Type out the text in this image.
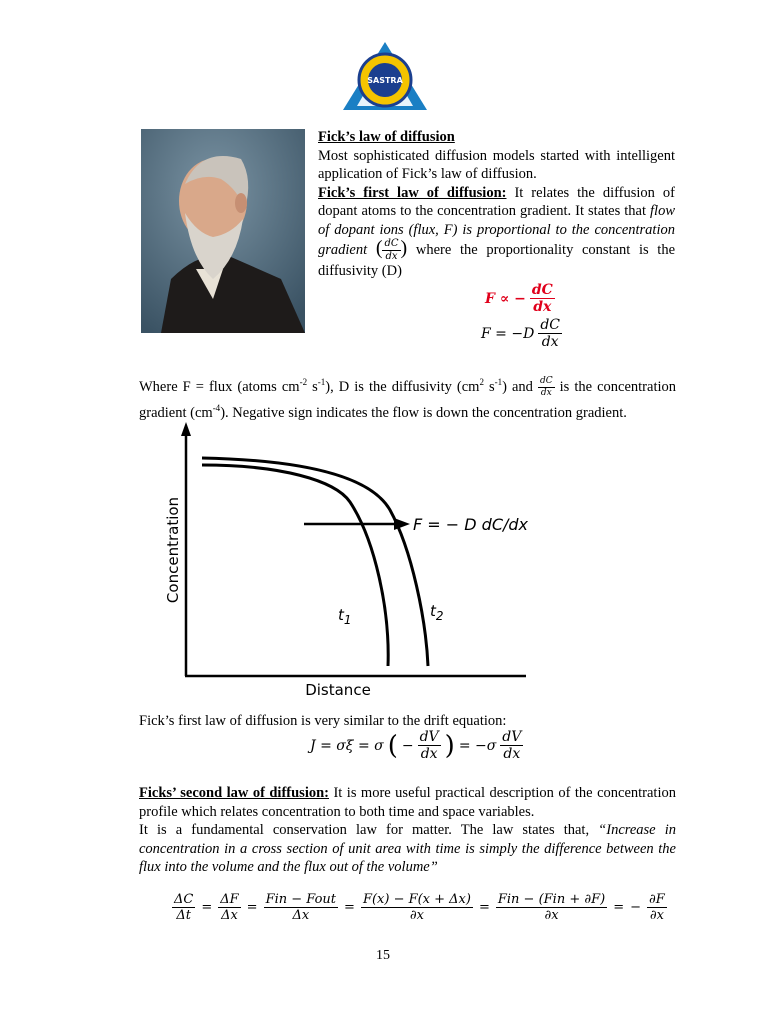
SASTRA
Fick’s law of diffusion
Most sophisticated diffusion models started with intelligent application of Fick’s law of diffusion.
Fick’s first law of diffusion: It relates the diffusion of dopant atoms to the concentration gradient. It states that flow of dopant ions (flux, F) is proportional to the concentration gradient ( $\frac{dC}{dx}$ ) where the proportionality constant is the diffusivity (D)
F ∝ − $\frac{dC}{dx}$
$F = -D \frac{dC}{dx}$
Where F = flux (atoms $cm^{-2}$ $s^{-1}$), D is the diffusivity ($cm^2$ $s^{-1}$) and $\frac{dC}{dx}$ is the concentration gradient $(cm^{-4})$. Negative sign indicates the flow is down the concentration gradient.
F = − D dC/dx
$t_1$	$t_2$
Distance
Concentration
Fick’s first law of diffusion is very similar to the drift equation:
J = σξ = σ ( − $\frac{dV}{dx}$ ) = $-\sigma \frac{dV}{dx}$
Ficks’ second law of diffusion: It is more useful practical description of the concentration profile which relates concentration to both time and space variables.
It is a fundamental conservation law for matter. The law states that, “Increase in concentration in a cross section of unit area with time is simply the difference between the flux into the volume and the flux out of the volume”
$\frac{\Delta C}{\Delta t} = \frac{\Delta F}{\Delta x} = \frac{\text{Fin − Fout}}{\Delta x} = \frac{F(x) - F(x + \Delta x)}{\partial x} = \frac{\text{Fin − (Fin + ∂F)}}{\partial x}$ = − $\frac{\partial F}{\partial x}$
15
